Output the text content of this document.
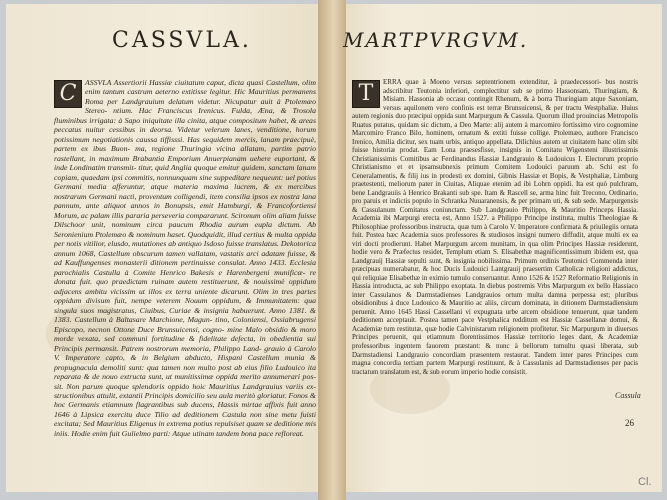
CASSVLA.	MARTPVRGVM.
C	ASSVLA Assertiorii Hassiæ ciuitatum caput, dicta quasi Castellum, olim enim tantum castrum aeterno extitisse legitur. Hic Mauritius permanens Roma per Landgrauium delatum videtur. Nicupatur auit à Ptolemæo Stereo- ntium. Hac Franciscus Irenicus. Fulda, Æna, & Trosola fluminibus irrigata: à Sapo iniquitate illa cinita, atque compositum habet, & areas peccatus nuitur cessibus in deorsa. Videtur velerum lanes, venditione, horum potissimum negotiationis caussa tiffisssi. Has sequidem mercis, lanam praecipuè, partem ex ibus Buon- ma, regione Thuringia vicina allatam, partim patrio rastellant, in maximum Brabantia Emporium Anuerpianam uehere euportant, & inde Londinatim transmit- titur, quid Anglia quoque emitur quidem, sanctam lanam copiam, quaedam ipsi commitis, nonnunquam sine suppeditare nequeunt: uel potius Germani media afferuntur, atque materia maxima lucrem, & ex mercibus nostrarum Germani nacti, proventum colligendi, item consilia ipsos ex nostra lana pannum, ante aliquot annos in Bonupsis, emit Hamburgi, & Francofortiensi Morum, ac palam illis pararia perseveria compararunt. Scironum olim aliam fuisse Dilschoor unit, nominum circa paucum Rhodia aurum eupla dictum. Ab Seronienium Ptolemæo & nominum haset. Quodquidit, illud certius & multa oppida per notis vitilior, elusdo, mutationes ab antiquo Isdoso fuisse translatus. Dekotorica annum 1068, Castellum obscurum tamen vallatam, vastatis arci adatam fuisse, & ad Kauffungenses monasterii ditionem pertinuisse consulat. Anno 1433. Ecclesia parochialis Castulla à Comite Henrico Bakesis e Harenbergeni munificæ- re donata fuit. quo praedictam ruinam autem restituerunt, & nouissimè oppidum adjacens ambitu vicissim ut illos ex terra uniente dicarunt. Olim in tres partes oppidum divisum fuit, nempe veterem Nouum oppidum, & Immunitatem: qua singula suos magistratus, Ciuibus, Curiae & insignia habuerunt. Anno 1381. & 1383. Castellum à Baltasare Marchione, Magun- tino, Coloniensi, Ossiabrugensi Episcopo, necnon Ottone Duce Brunsuicensi, cogno- mine Malo obsidio & moro morde vexata, sed communi fortitudine & fidelitate defecta, in obedientia sui Principis permansit. Patrem nostrorum memoria, Philippo Land- grauio à Carolo V. Imperatore capto, & in Belgium abducto, Hispani Castellum munia & propugnacula demoliti sunt: qua tamen non multo post ab eius filio Ludouico ita reparata & de nouo extructa sunt, ut munitissimæ oppida merito annumerari pos- sit. Non parum quoque splendoris oppido hoic Mauritius Landgrauius variis ex- structionibus attulit, extantii Principis domicilio seu aula meritò gloriatur. Fonos & hoc Germanis etiamnum flagrantibus sub ducens, Hassis mirtae affixis fuit anno 1646 à Lipsica exercitu duce Tilio ad deditionem Castula non sine metu fuisti excitata; Sed Mauritius Eligenus in extrema potius repulsiset quam se deditione mis iniis. Hodie enim fuit Gulielmo parti: Atque utinam tandem bona pace refloreat.

T	ERRA quae à Moeno versus septentrionem extenditur, à praedecessori- bus nostris adscribitur Teutonia inferiori, complectitur sub se primo Hassonsam, Thuringiam, & Misiam. Hassonia ab occasu contingit Rhenum, & à borra Thuringiam atque Saxoniam, versus aquilonem vero confinis est terræ Brunsuicensi, & per tractu Westphaliæ. Huius autem regionis duo præcipui oppida sunt Marpurgum & Cassula. Quorum illud prouincias Metropolis Ruatus putatus, quidam sic dictum, a Deo Marte: alij autem à marcomiro fortissimo viro cognomine Marcomiro Franco Bilo, hominem, ornatum & extiti fuisse collige. Ptolemæo, authore Francisco Irenico, Amilia dicitur, sex tuam urbis, antiquo appellata. Dilichius autem ut ciuitatem hanc olim sibi fuisse historiæ prodat. Eam Lona praesesfisse, insignis in Comitatu Wigensteni illustrissimis Christianissimis Comitibus ac Ferdinandus Hassiæ Landgrauio & Ludouicus I. Electorum proprio Christianismo et et ipsamsubnexis primum Comitem Lodouici paruum ab. Schi est fo Ceneralamentis, & filij ius in prodesti ex domini, Gibnis Hassiæ et Bopis, & Vestphaliæ, Limburg praetestenti, meliorum pater in Ciuitas, Aliquae etenim ad ibi Lohrn oppidi. Ita est quò pulchram, bene Landgrauiis à Henrico Brakanti sub spe. Itam & Rascell se, arma hinc fuit Trecono, Ordinario, pro paruis et indictis populo in Schranka Nuuaranensis, & per primam uti, & sub sede. Marpurgensis & Cassulanum Comitatus coniunctam. Sub Landgrauio Philippo, & Mauritio Princeps Hassia. Academia ibi Marpurgi erecta est, Anno 1527. a Philippo Principe instituta, multis Theologiae & Philosophiae professoribus instructa, quæ tum à Carolo V. Imperatore confirmata & priuilegiis ornata fuit. Postea hæc Academia suos professores & studiosos insigni numero diffudit, atque multi ex ea viri docti prodierunt. Habet Marpurgum arcem munitam, in qua olim Principes Hassiæ residerunt, hodie vero & Præfectus residet, Templum etiam S. Elisabethæ magnificentissimum ibidem est, qua Landgrauij Hassiæ sepulti sunt, & insignia nobilissima. Primum ordinis Teutonici Commenda inter præcipuas numerabatur, & hoc Ducis Ludouici Lantgrauij praesertim Catholicæ religioni addictus, qui reliquiae Elisabethæ in eximio tumulo conseruantur. Anno 1526 & 1527 Reformatio Religionis in Hassia introducta, ac sub Philippo exoptata. In diebus postremis Vrbs Marpurgum ex bello Hassiaco inter Cassulanos & Darmstadienses Landgrauios ortum multa damna perpessa est; pluribus obsidionibus à duce Ludouico & Mauritio ac aliis, circum dominata, in ditionem Darmstadiensium peruenit. Anno 1645 Hassi Cassellani vi expugnata urbe arcem obsidione tenuerunt, quæ tandem deditionem acceptauit. Postea tamen pace Vestphalica redditum est Hassiæ Cassellanæ domui, & Academiæ tum restitutæ, quæ hodie Calvinistarum religionem profitetur. Sic Marpurgum in diuersos Principes peruenit, qui etiamnum florentissimos Hassiæ territorio leges dant, & Academiæ professoribus ingentem fauorem præstant: & nunc à bellorum tumultu quasi liberata, sub Darmstadiensi Landgrauio concordiam præsentem restaurat. Tandem inter pares Principes cum magna concordia tertiam partem Marpurgi restituunt, & à Cassulanis ad Darmstadienses per pacis tractatum translatum est, & sub eorum imperio hodie consistit.

Cassula
26
Cl.
